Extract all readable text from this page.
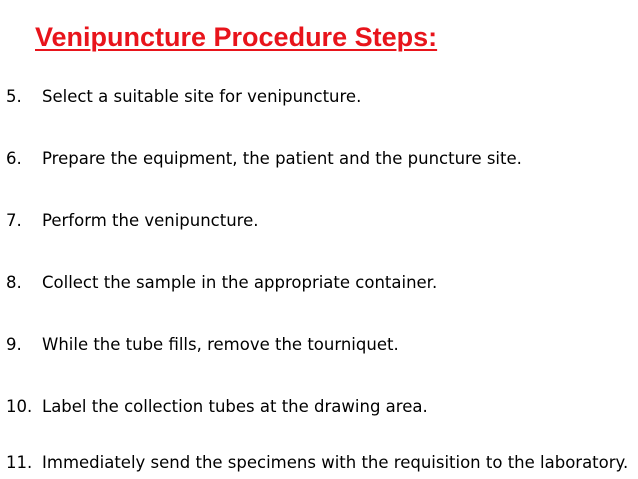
Venipuncture Procedure Steps:
5. Select a suitable site for venipuncture.
6. Prepare the equipment, the patient and the puncture site.
7. Perform the venipuncture.
8. Collect the sample in the appropriate container.
9. While the tube fills, remove the tourniquet.
10. Label the collection tubes at the drawing area.
11. Immediately send the specimens with the requisition to the laboratory.
